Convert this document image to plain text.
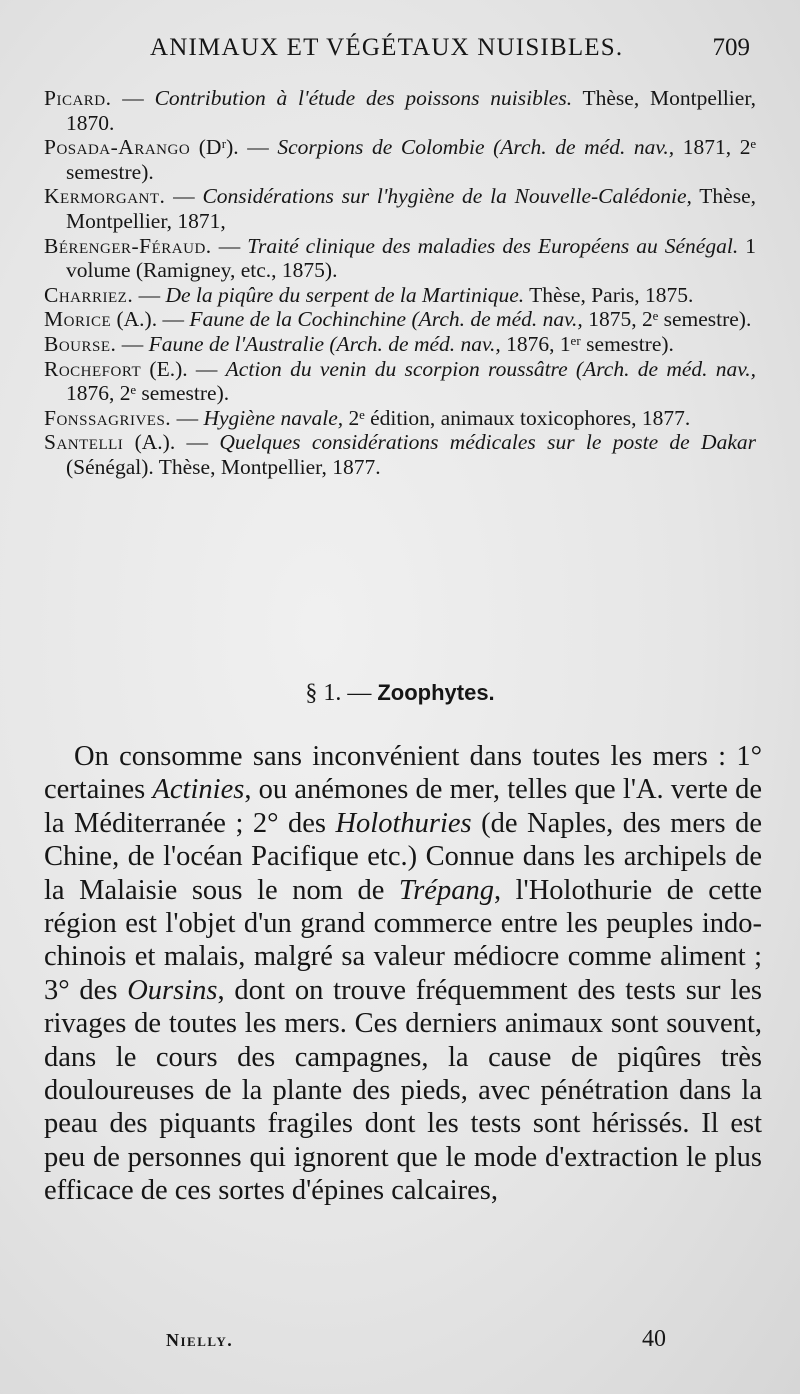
ANIMAUX ET VÉGÉTAUX NUISIBLES.	709
Picard. — Contribution à l'étude des poissons nuisibles. Thèse, Montpellier, 1870.
Posada-Arango (Dʳ). — Scorpions de Colombie (Arch. de méd. nav., 1871, 2ᵉ semestre).
Kermorgant. — Considérations sur l'hygiène de la Nouvelle-Calédonie, Thèse, Montpellier, 1871,
Bérenger-Féraud. — Traité clinique des maladies des Européens au Sénégal. 1 volume (Ramigney, etc., 1875).
Charriez. — De la piqûre du serpent de la Martinique. Thèse, Paris, 1875.
Morice (A.). — Faune de la Cochinchine (Arch. de méd. nav., 1875, 2ᵉ semestre).
Bourse. — Faune de l'Australie (Arch. de méd. nav., 1876, 1ᵉʳ semestre).
Rochefort (E.). — Action du venin du scorpion roussâtre (Arch. de méd. nav., 1876, 2ᵉ semestre).
Fonssagrives. — Hygiène navale, 2ᵉ édition, animaux toxicophores, 1877.
Santelli (A.). — Quelques considérations médicales sur le poste de Dakar (Sénégal). Thèse, Montpellier, 1877.
§ 1. — Zoophytes.

On consomme sans inconvénient dans toutes les mers : 1° certaines Actinies, ou anémones de mer, telles que l'A. verte de la Méditerranée ; 2° des Holothuries (de Naples, des mers de Chine, de l'océan Pacifique etc.) Connue dans les archipels de la Malaisie sous le nom de Trépang, l'Holothurie de cette région est l'objet d'un grand commerce entre les peuples indo-chinois et malais, malgré sa valeur médiocre comme aliment ; 3° des Oursins, dont on trouve fréquemment des tests sur les rivages de toutes les mers. Ces derniers animaux sont souvent, dans le cours des campagnes, la cause de piqûres très douloureuses de la plante des pieds, avec pénétration dans la peau des piquants fragiles dont les tests sont hérissés. Il est peu de personnes qui ignorent que le mode d'extraction le plus efficace de ces sortes d'épines calcaires,

Nielly.	40
